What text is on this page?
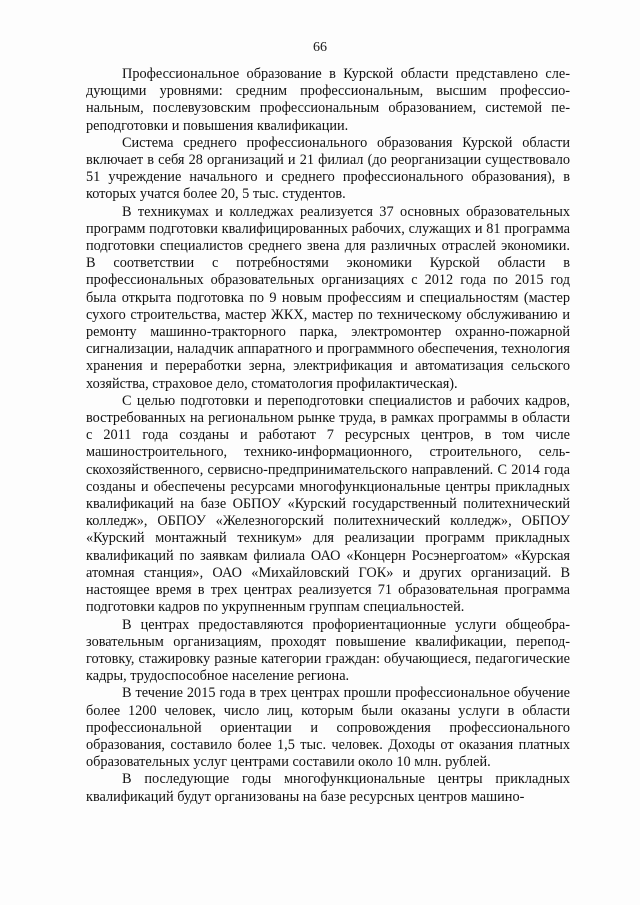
66

Профессиональное образование в Курской области представлено следующими уровнями: средним профессиональным, высшим профессиональным, послевузовским профессиональным образованием, системой переподготовки и повышения квалификации.

Система среднего профессионального образования Курской области включает в себя 28 организаций и 21 филиал (до реорганизации существовало 51 учреждение начального и среднего профессионального образования), в которых учатся более 20, 5 тыс. студентов.

В техникумах и колледжах реализуется 37 основных образовательных программ подготовки квалифицированных рабочих, служащих и 81 программа подготовки специалистов среднего звена для различных отраслей экономики. В соответствии с потребностями экономики Курской области в профессиональных образовательных организациях с 2012 года по 2015 год была открыта подготовка по 9 новым профессиям и специальностям (мастер сухого строительства, мастер ЖКХ, мастер по техническому обслуживанию и ремонту машинно-тракторного парка, электромонтер охранно-пожарной сигнализации, наладчик аппаратного и программного обеспечения, технология хранения и переработки зерна, электрификация и автоматизация сельского хозяйства, страховое дело, стоматология профилактическая).

С целью подготовки и переподготовки специалистов и рабочих кадров, востребованных на региональном рынке труда, в рамках программы в области с 2011 года созданы и работают 7 ресурсных центров, в том числе машиностроительного, технико-информационного, строительного, сельскохозяйственного, сервисно-предпринимательского направлений. С 2014 года созданы и обеспечены ресурсами многофункциональные центры прикладных квалификаций на базе ОБПОУ «Курский государственный политехнический колледж», ОБПОУ «Железногорский политехнический колледж», ОБПОУ «Курский монтажный техникум» для реализации программ прикладных квалификаций по заявкам филиала ОАО «Концерн Росэнергоатом» «Курская атомная станция», ОАО «Михайловский ГОК» и других организаций. В настоящее время в трех центрах реализуется 71 образовательная программа подготовки кадров по укрупненным группам специальностей.

В центрах предоставляются профориентационные услуги общеобразовательным организациям, проходят повышение квалификации, переподготовку, стажировку разные категории граждан: обучающиеся, педагогические кадры, трудоспособное население региона.

В течение 2015 года в трех центрах прошли профессиональное обучение более 1200 человек, число лиц, которым были оказаны услуги в области профессиональной ориентации и сопровождения профессионального образования, составило более 1,5 тыс. человек. Доходы от оказания платных образовательных услуг центрами составили около 10 млн. рублей.

В последующие годы многофункциональные центры прикладных квалификаций будут организованы на базе ресурсных центров машино-
